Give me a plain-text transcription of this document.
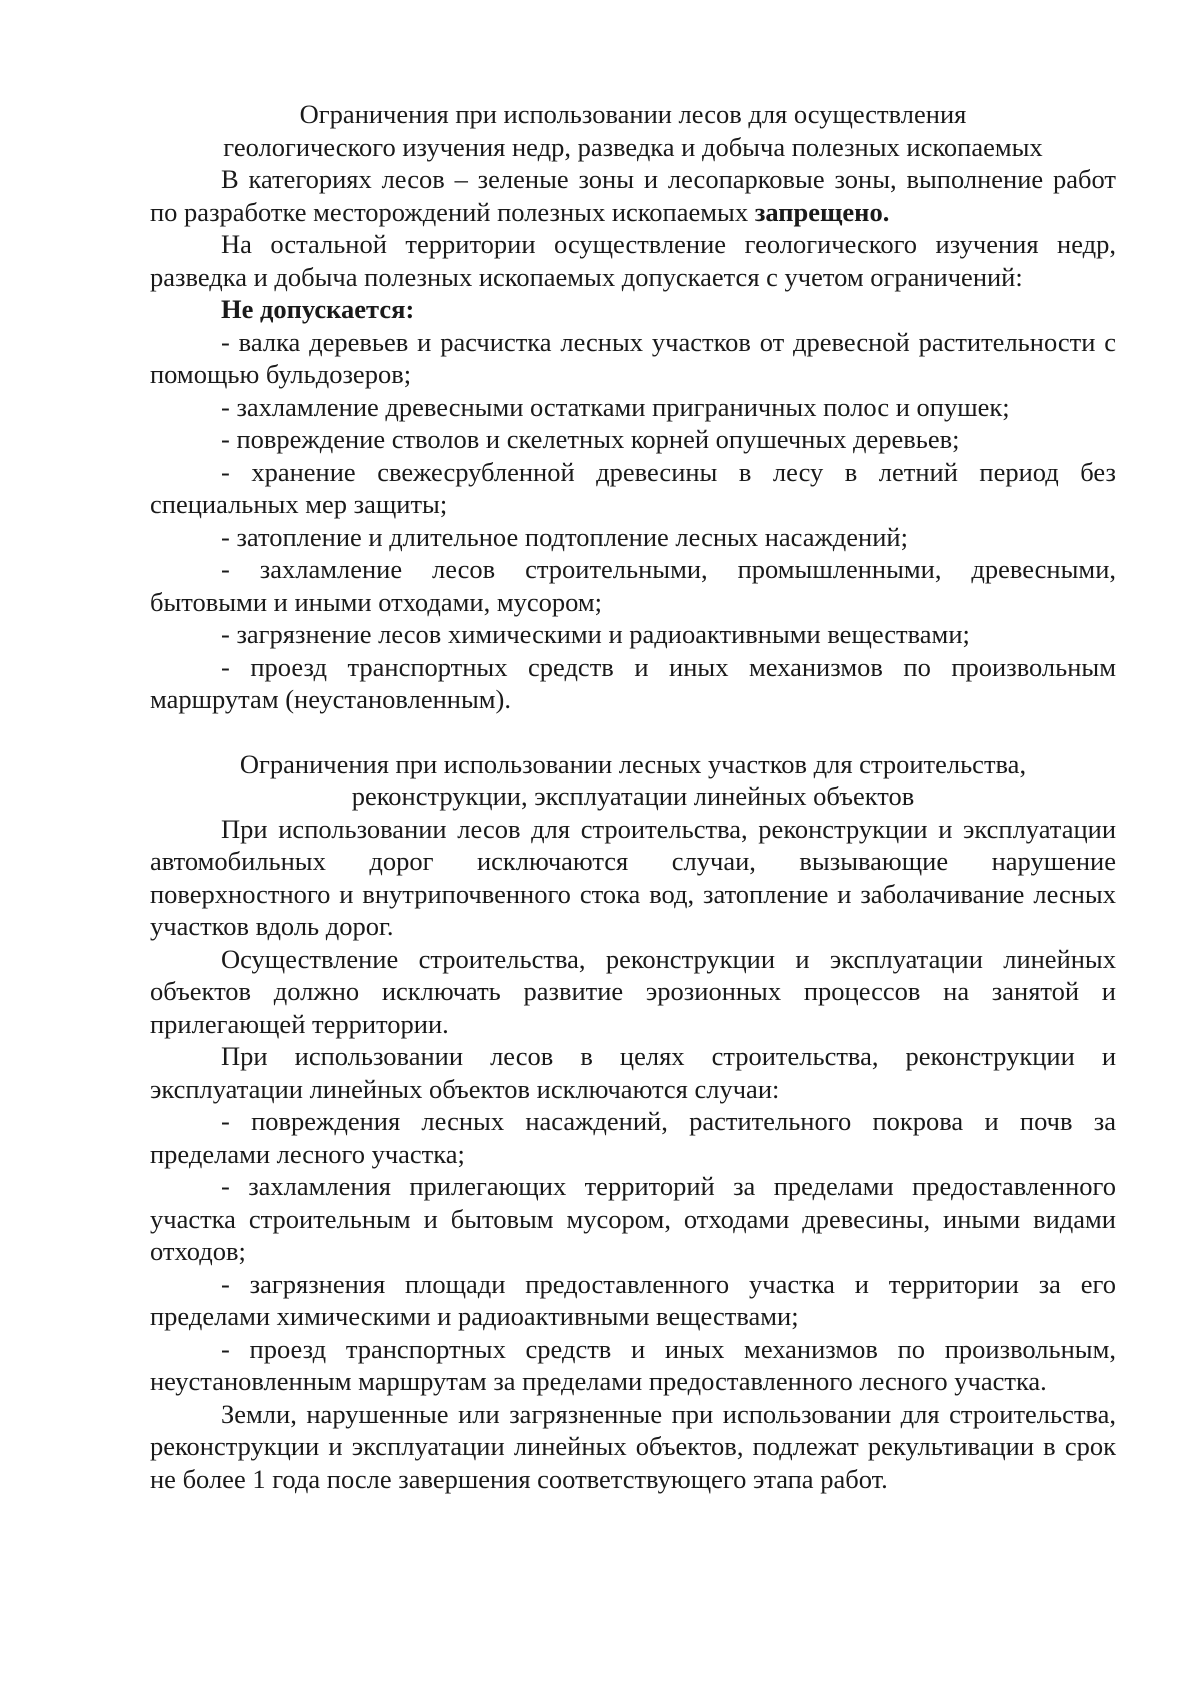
Ограничения при использовании лесов для осуществления
геологического изучения недр, разведка и добыча полезных ископаемых

В категориях лесов – зеленые зоны и лесопарковые зоны, выполнение работ по разработке месторождений полезных ископаемых запрещено.

На остальной территории осуществление геологического изучения недр, разведка и добыча полезных ископаемых допускается с учетом ограничений:

Не допускается:

- валка деревьев и расчистка лесных участков от древесной растительности с помощью бульдозеров;

- захламление древесными остатками приграничных полос и опушек;

- повреждение стволов и скелетных корней опушечных деревьев;

- хранение свежесрубленной древесины в лесу в летний период без специальных мер защиты;

- затопление и длительное подтопление лесных насаждений;

- захламление лесов строительными, промышленными, древесными, бытовыми и иными отходами, мусором;

- загрязнение лесов химическими и радиоактивными веществами;

- проезд транспортных средств и иных механизмов по произвольным маршрутам (неустановленным).

Ограничения при использовании лесных участков для строительства,
реконструкции, эксплуатации линейных объектов

При использовании лесов для строительства, реконструкции и эксплуатации автомобильных дорог исключаются случаи, вызывающие нарушение поверхностного и внутрипочвенного стока вод, затопление и заболачивание лесных участков вдоль дорог.

Осуществление строительства, реконструкции и эксплуатации линейных объектов должно исключать развитие эрозионных процессов на занятой и прилегающей территории.

При использовании лесов в целях строительства, реконструкции и эксплуатации линейных объектов исключаются случаи:

- повреждения лесных насаждений, растительного покрова и почв за пределами лесного участка;

- захламления прилегающих территорий за пределами предоставленного участка строительным и бытовым мусором, отходами древесины, иными видами отходов;

- загрязнения площади предоставленного участка и территории за его пределами химическими и радиоактивными веществами;

- проезд транспортных средств и иных механизмов по произвольным, неустановленным маршрутам за пределами предоставленного лесного участка.

Земли, нарушенные или загрязненные при использовании для строительства, реконструкции и эксплуатации линейных объектов, подлежат рекультивации в срок не более 1 года после завершения соответствующего этапа работ.
